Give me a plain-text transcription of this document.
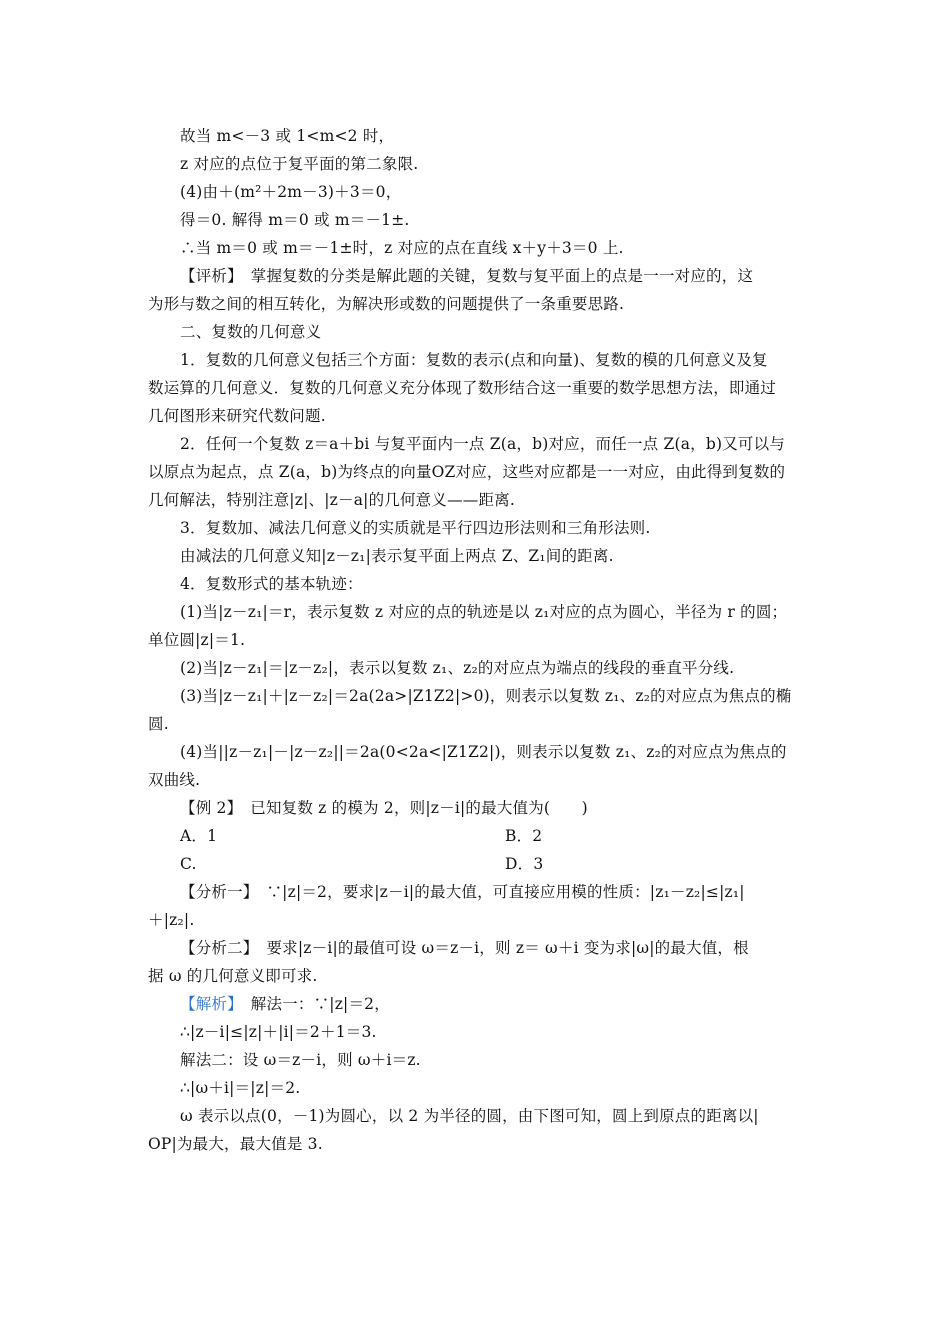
故当 m<－3 或 1<m<2 时，
z 对应的点位于复平面的第二象限.
(4)由＋(m²＋2m－3)＋3＝0，
得＝0. 解得 m＝0 或 m＝－1±.
∴当 m＝0 或 m＝－1±时，z 对应的点在直线 x＋y＋3＝0 上.
【评析】　掌握复数的分类是解此题的关键，复数与复平面上的点是一一对应的，这
为形与数之间的相互转化，为解决形或数的问题提供了一条重要思路.
二、复数的几何意义
1．复数的几何意义包括三个方面：复数的表示(点和向量)、复数的模的几何意义及复
数运算的几何意义．复数的几何意义充分体现了数形结合这一重要的数学思想方法，即通过
几何图形来研究代数问题.
2．任何一个复数 z＝a＋bi 与复平面内一点 Z(a，b)对应，而任一点 Z(a，b)又可以与
以原点为起点，点 Z(a，b)为终点的向量OZ对应，这些对应都是一一对应，由此得到复数的
几何解法，特别注意|z|、|z－a|的几何意义——距离.
3．复数加、减法几何意义的实质就是平行四边形法则和三角形法则.
由减法的几何意义知|z－z₁|表示复平面上两点 Z、Z₁间的距离.
4．复数形式的基本轨迹：
(1)当|z－z₁|＝r，表示复数 z 对应的点的轨迹是以 z₁对应的点为圆心，半径为 r 的圆；
单位圆|z|＝1.
(2)当|z－z₁|＝|z－z₂|，表示以复数 z₁、z₂的对应点为端点的线段的垂直平分线.
(3)当|z－z₁|＋|z－z₂|＝2a(2a>|Z1Z2|>0)，则表示以复数 z₁、z₂的对应点为焦点的椭
圆.
(4)当||z－z₁|－|z－z₂||＝2a(0<2a<|Z1Z2|)，则表示以复数 z₁、z₂的对应点为焦点的
双曲线.
【例 2】　已知复数 z 的模为 2，则|z－i|的最大值为(　　)
A．1	B．2
C.	D．3
【分析一】　∵|z|＝2，要求|z－i|的最大值，可直接应用模的性质：|z₁－z₂|≤|z₁|
＋|z₂|.
【分析二】　要求|z－i|的最值可设 ω＝z－i，则 z＝ ω＋i 变为求|ω|的最大值，根
据 ω 的几何意义即可求.
【解析】　 解法一：∵|z|＝2，
∴|z－i|≤|z|＋|i|＝2＋1＝3.
解法二：设 ω＝z－i，则 ω＋i＝z.
∴|ω＋i|＝|z|＝2.
ω 表示以点(0，－1)为圆心，以 2 为半径的圆，由下图可知，圆上到原点的距离以|
OP|为最大，最大值是 3.
